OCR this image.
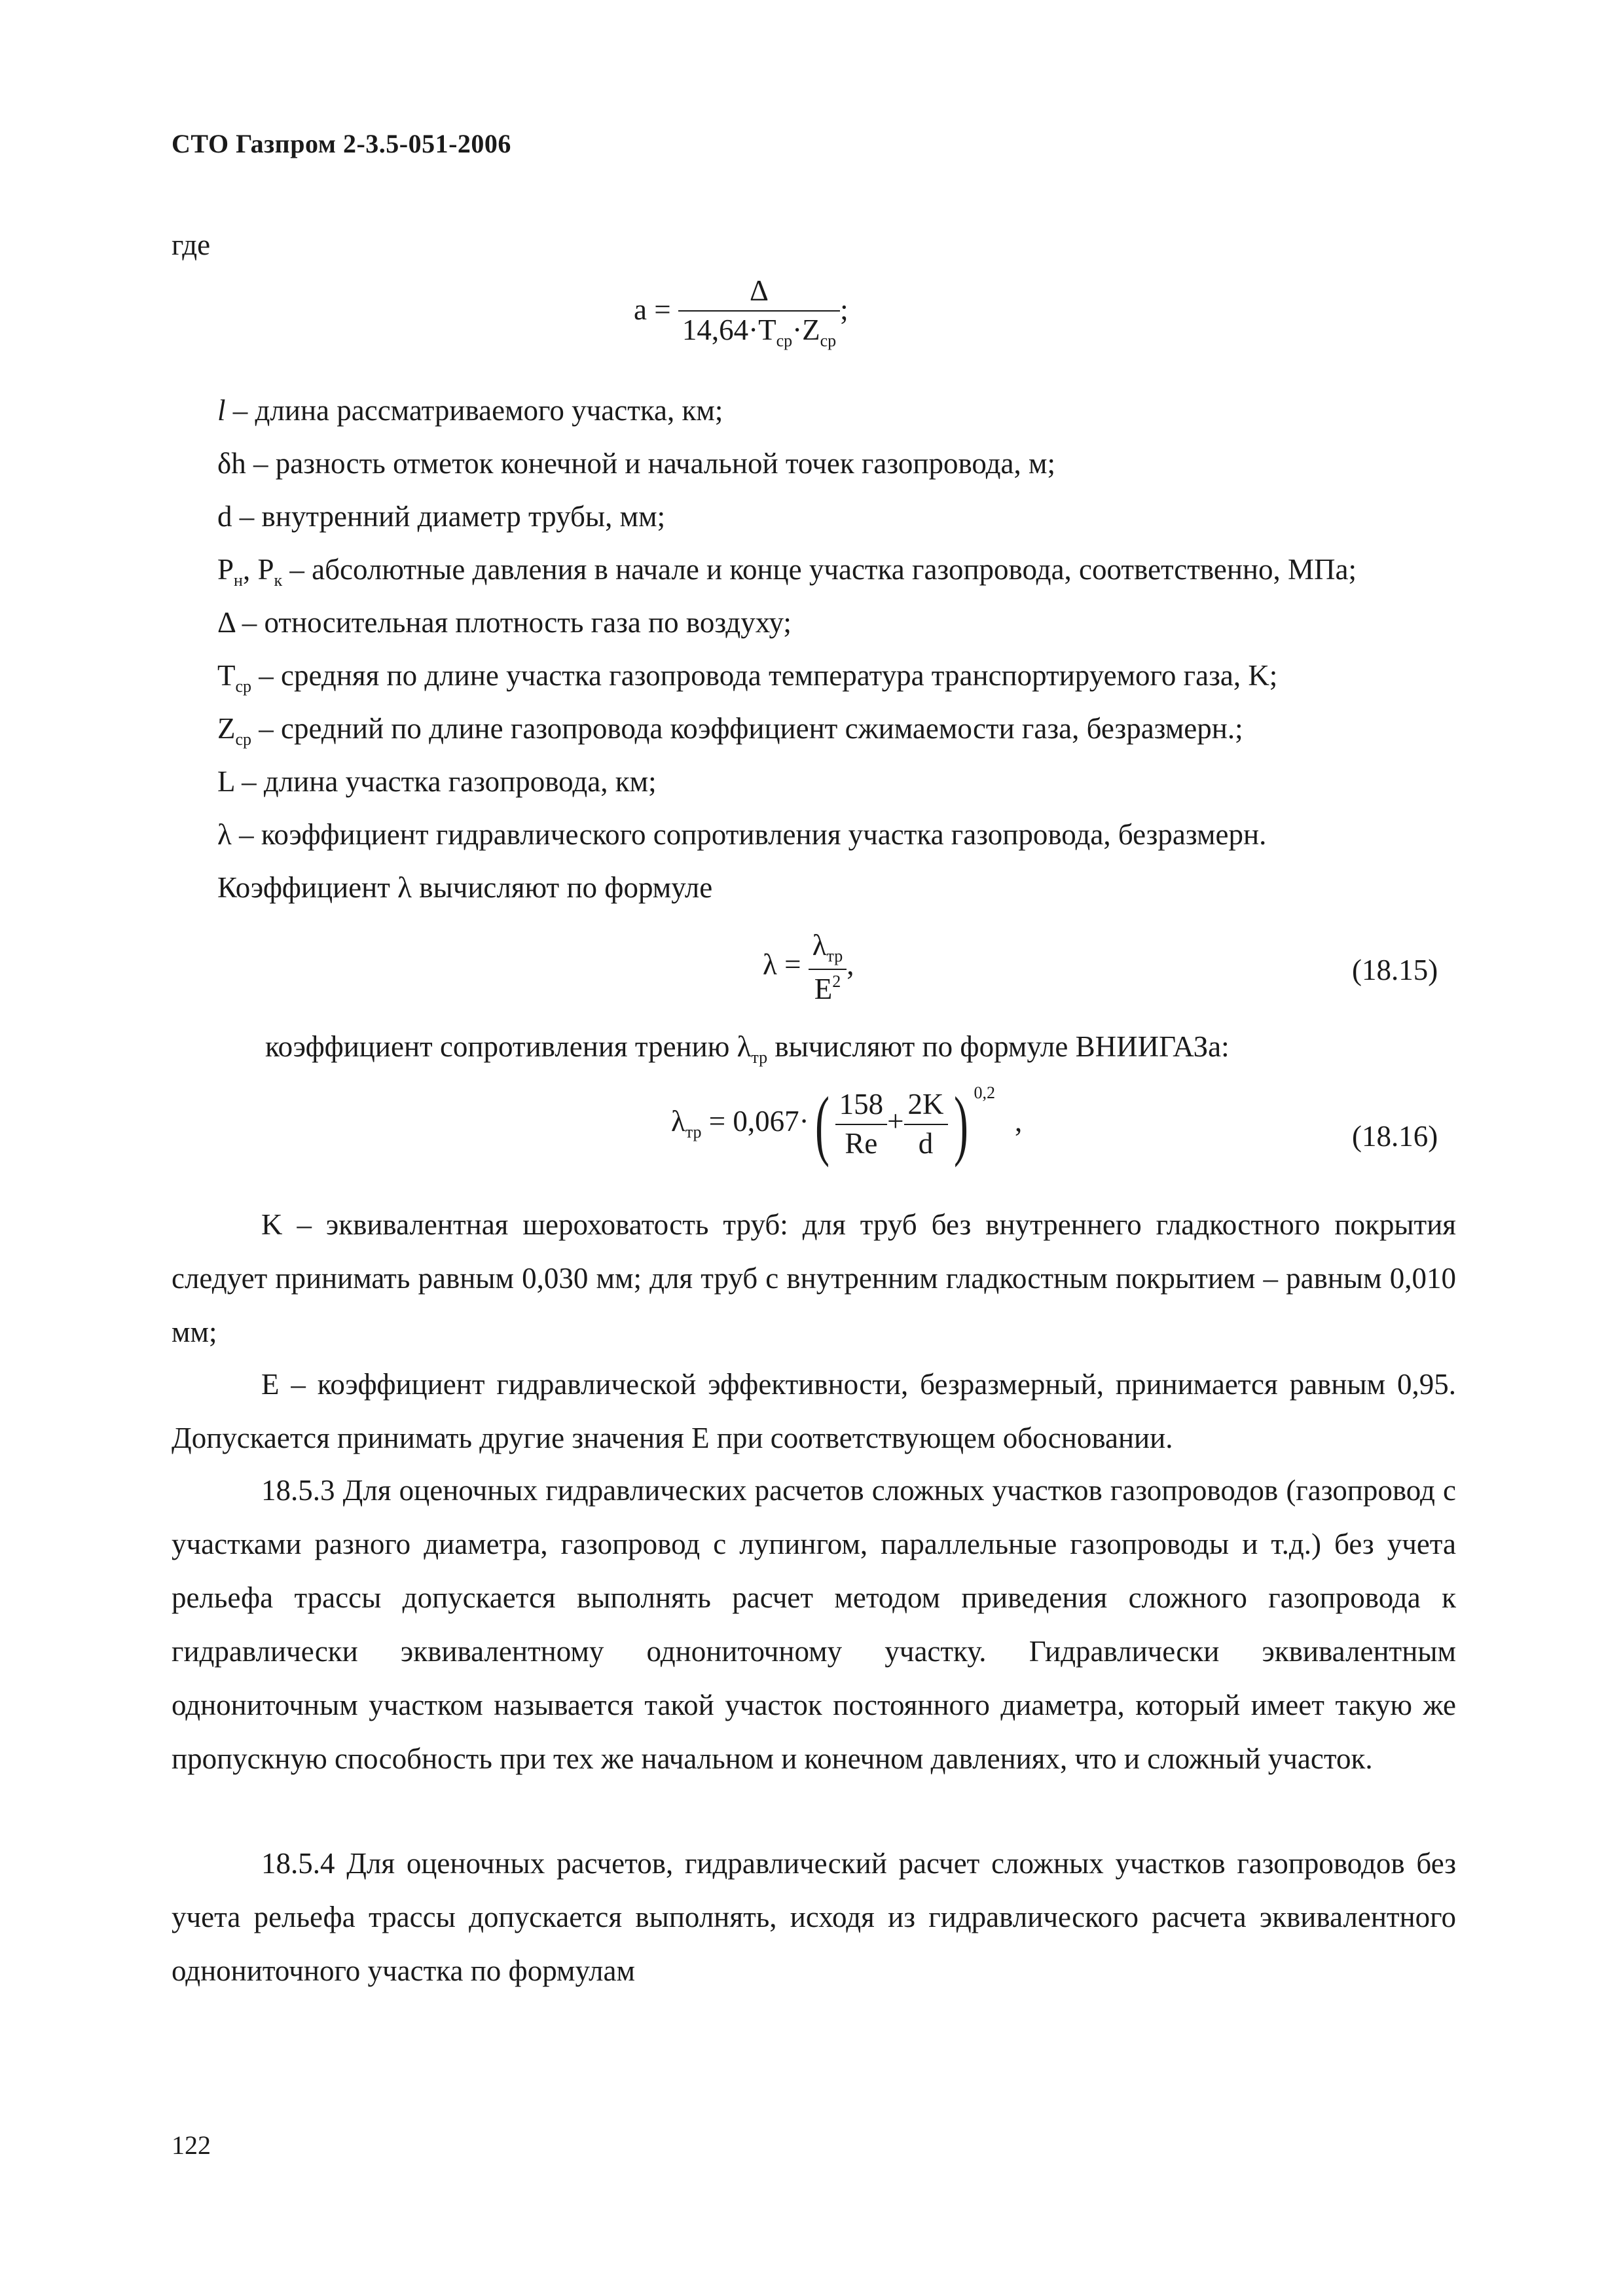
СТО Газпром 2-3.5-051-2006
где
$a = \frac{\Delta}{14,64\cdot T_{ср}\cdot Z_{ср}}$ ;
l – длина рассматриваемого участка, км;
δh – разность отметок конечной и начальной точек газопровода, м;
d – внутренний диаметр трубы, мм;
$P_н$, $P_к$ – абсолютные давления в начале и конце участка газопровода, соответственно, МПа;
Δ – относительная плотность газа по воздуху;
$T_{ср}$ – средняя по длине участка газопровода температура транспортируемого газа, K;
$Z_{ср}$ – средний по длине газопровода коэффициент сжимаемости газа, безразмерн.;
L – длина участка газопровода, км;
λ – коэффициент гидравлического сопротивления участка газопровода, безразмерн.
Коэффициент λ вычисляют по формуле
$\lambda = \frac{\lambda_{тр}}{E^2}$ ,	(18.15)
коэффициент сопротивления трению $\lambda_{тр}$ вычисляют по формуле ВНИИГАЗа:
$\lambda_{тр} = 0,067\cdot( \frac{158}{Re} + \frac{2K}{d}$ ) $^{0,2}$,	(18.16)
K – эквивалентная шероховатость труб: для труб без внутреннего гладкостного покрытия следует принимать равным 0,030 мм; для труб с внутренним гладкостным покрытием – равным 0,010 мм;
E – коэффициент гидравлической эффективности, безразмерный, принимается равным 0,95. Допускается принимать другие значения E при соответствующем обосновании.
18.5.3 Для оценочных гидравлических расчетов сложных участков газопроводов (газопровод с участками разного диаметра, газопровод с лупингом, параллельные газопроводы и т.д.) без учета рельефа трассы допускается выполнять расчет методом приведения сложного газопровода к гидравлически эквивалентному однониточному участку. Гидравлически эквивалентным однониточным участком называется такой участок постоянного диаметра, который имеет такую же пропускную способность при тех же начальном и конечном давлениях, что и сложный участок.
18.5.4 Для оценочных расчетов, гидравлический расчет сложных участков газопроводов без учета рельефа трассы допускается выполнять, исходя из гидравлического расчета эквивалентного однониточного участка по формулам
122
